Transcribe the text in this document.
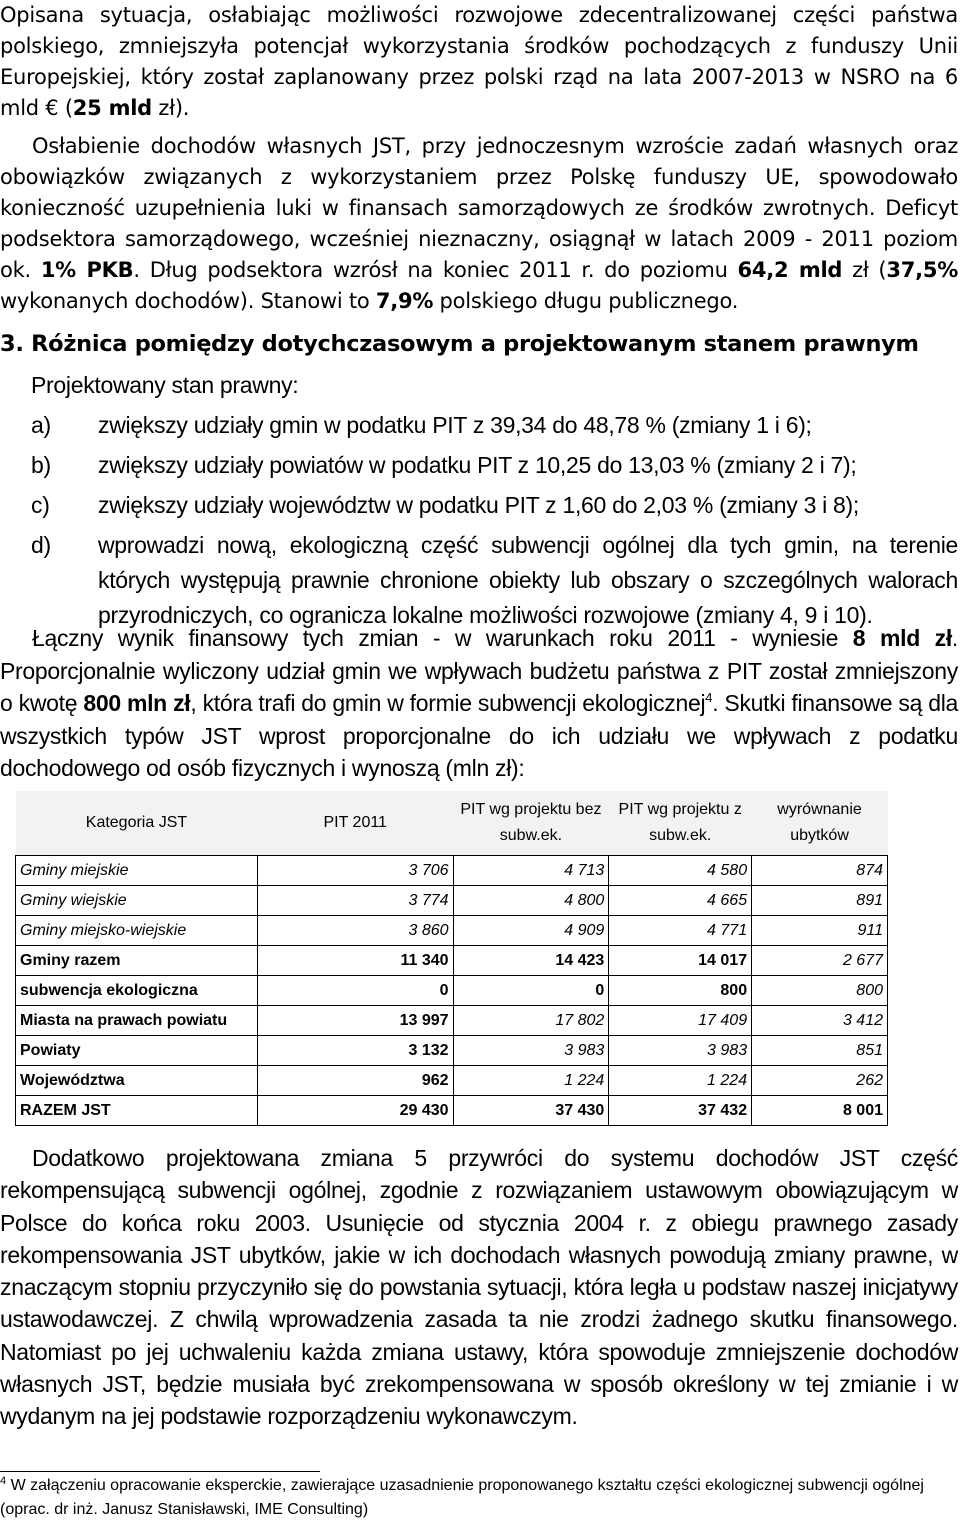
Opisana sytuacja, osłabiając możliwości rozwojowe zdecentralizowanej części państwa polskiego, zmniejszyła potencjał wykorzystania środków pochodzących z funduszy Unii Europejskiej, który został zaplanowany przez polski rząd na lata 2007-2013 w NSRO na 6 mld € (25 mld zł).

Osłabienie dochodów własnych JST, przy jednoczesnym wzroście zadań własnych oraz obowiązków związanych z wykorzystaniem przez Polskę funduszy UE, spowodowało konieczność uzupełnienia luki w finansach samorządowych ze środków zwrotnych. Deficyt podsektora samorządowego, wcześniej nieznaczny, osiągnął w latach 2009 - 2011 poziom ok. 1% PKB. Dług podsektora wzrósł na koniec 2011 r. do poziomu 64,2 mld zł (37,5% wykonanych dochodów). Stanowi to 7,9% polskiego długu publicznego.

3. Różnica pomiędzy dotychczasowym a projektowanym stanem prawnym

Projektowany stan prawny:

a)	zwiększy udziały gmin w podatku PIT z 39,34 do 48,78 % (zmiany 1 i 6);
b)	zwiększy udziały powiatów w podatku PIT z 10,25 do 13,03 % (zmiany 2 i 7);
c)	zwiększy udziały województw w podatku PIT z 1,60 do 2,03 % (zmiany 3 i 8);
d)	wprowadzi nową, ekologiczną część subwencji ogólnej dla tych gmin, na terenie których występują prawnie chronione obiekty lub obszary o szczególnych walorach przyrodniczych, co ogranicza lokalne możliwości rozwojowe (zmiany 4, 9 i 10).

Łączny wynik finansowy tych zmian - w warunkach roku 2011 - wyniesie 8 mld zł. Proporcjonalnie wyliczony udział gmin we wpływach budżetu państwa z PIT został zmniejszony o kwotę 800 mln zł, która trafi do gmin w formie subwencji ekologicznej$^4$. Skutki finansowe są dla wszystkich typów JST wprost proporcjonalne do ich udziału we wpływach z podatku dochodowego od osób fizycznych i wynoszą (mln zł):

Kategoria JST	PIT 2011	PIT wg projektu bez subw.ek.	PIT wg projektu z subw.ek.	wyrównanie ubytków
Gminy miejskie	3 706	4 713	4 580	874
Gminy wiejskie	3 774	4 800	4 665	891
Gminy miejsko-wiejskie	3 860	4 909	4 771	911
Gminy razem	11 340	14 423	14 017	2 677
subwencja ekologiczna	0	0	800	800
Miasta na prawach powiatu	13 997	17 802	17 409	3 412
Powiaty	3 132	3 983	3 983	851
Województwa	962	1 224	1 224	262
RAZEM JST	29 430	37 430	37 432	8 001

Dodatkowo projektowana zmiana 5 przywróci do systemu dochodów JST część rekompensującą subwencji ogólnej, zgodnie z rozwiązaniem ustawowym obowiązującym w Polsce do końca roku 2003. Usunięcie od stycznia 2004 r. z obiegu prawnego zasady rekompensowania JST ubytków, jakie w ich dochodach własnych powodują zmiany prawne, w znaczącym stopniu przyczyniło się do powstania sytuacji, która legła u podstaw naszej inicjatywy ustawodawczej. Z chwilą wprowadzenia zasada ta nie zrodzi żadnego skutku finansowego. Natomiast po jej uchwaleniu każda zmiana ustawy, która spowoduje zmniejszenie dochodów własnych JST, będzie musiała być zrekompensowana w sposób określony w tej zmianie i w wydanym na jej podstawie rozporządzeniu wykonawczym.

$^4$ W załączeniu opracowanie eksperckie, zawierające uzasadnienie proponowanego kształtu części ekologicznej subwencji ogólnej (oprac. dr inż. Janusz Stanisławski, IME Consulting)
